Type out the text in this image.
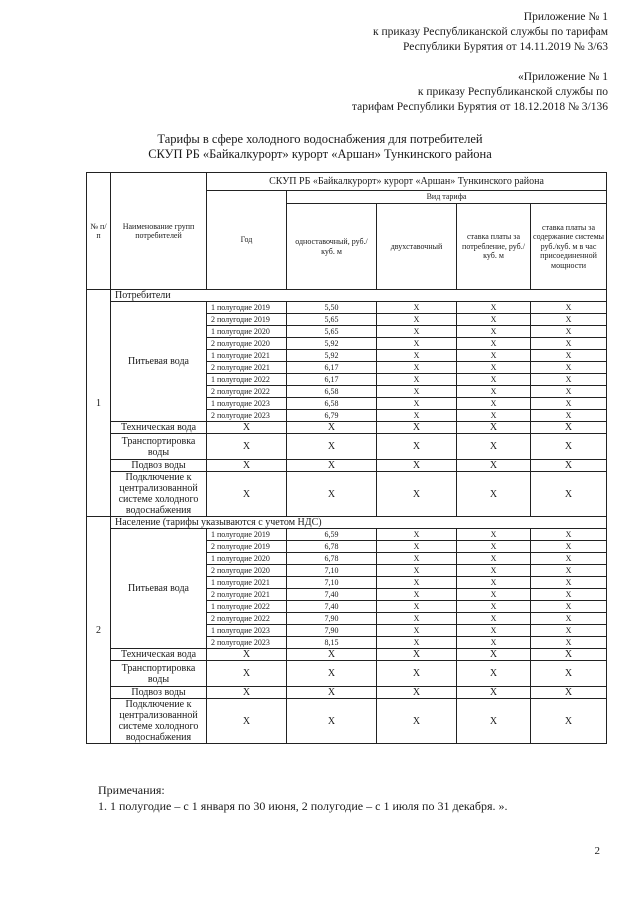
Приложение № 1
к приказу Республиканской службы по тарифам
Республики Бурятия от 14.11.2019 № 3/63
«Приложение № 1
к приказу Республиканской службы по
тарифам Республики Бурятия от 18.12.2018 № 3/136
Тарифы в сфере холодного водоснабжения для потребителей
СКУП РБ «Байкалкурорт» курорт «Аршан» Тункинского района
№ п/п	Наименование групп потребителей	СКУП РБ «Байкалкурорт» курорт «Аршан» Тункинского района				
		Год	Вид тарифа			
			одноставочный, руб./ куб. м	двухставочный	ставка платы за потребление, руб./ куб. м	ставка платы за содержание системы руб./куб. м в час присоединенной мощности
1	Потребители					
	Питьевая вода	1 полугодие 2019	5,50	X	X	X
		2 полугодие 2019	5,65	X	X	X
		1 полугодие 2020	5,65	X	X	X
		2 полугодие 2020	5,92	X	X	X
		1 полугодие 2021	5,92	X	X	X
		2 полугодие 2021	6,17	X	X	X
		1 полугодие 2022	6,17	X	X	X
		2 полугодие 2022	6,58	X	X	X
		1 полугодие 2023	6,58	X	X	X
		2 полугодие 2023	6,79	X	X	X
	Техническая вода	X	X	X	X	X
	Транспортировка воды	X	X	X	X	X
	Подвоз воды	X	X	X	X	X
	Подключение к централизованной системе холодного водоснабжения	X	X	X	X	X
2	Население (тарифы указываются с учетом НДС)					
	Питьевая вода	1 полугодие 2019	6,59	X	X	X
		2 полугодие 2019	6,78	X	X	X
		1 полугодие 2020	6,78	X	X	X
		2 полугодие 2020	7,10	X	X	X
		1 полугодие 2021	7,10	X	X	X
		2 полугодие 2021	7,40	X	X	X
		1 полугодие 2022	7,40	X	X	X
		2 полугодие 2022	7,90	X	X	X
		1 полугодие 2023	7,90	X	X	X
		2 полугодие 2023	8,15	X	X	X
	Техническая вода	X	X	X	X	X
	Транспортировка воды	X	X	X	X	X
	Подвоз воды	X	X	X	X	X
	Подключение к централизованной системе холодного водоснабжения	X	X	X	X	X
Примечания:
1. 1 полугодие – с 1 января по 30 июня, 2 полугодие – с 1 июля по 31 декабря. ».
2
